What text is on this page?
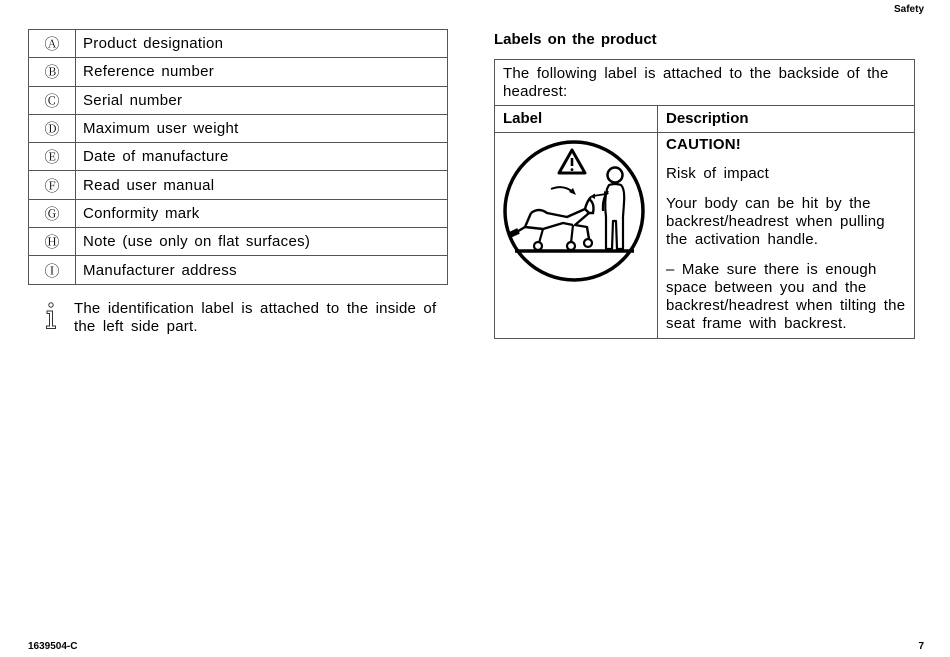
Safety
Ⓐ	Product designation
Ⓑ	Reference number
Ⓒ	Serial number
Ⓓ	Maximum user weight
Ⓔ	Date of manufacture
Ⓕ	Read user manual
Ⓖ	Conformity mark
Ⓗ	Note (use only on flat surfaces)
Ⓘ	Manufacturer address
The identification label is attached to the inside of the left side part.
Labels on the product
The following label is attached to the backside of the headrest:	
Label	Description

CAUTION!

Risk of impact

Your body can be hit by the backrest/headrest when pulling the activation handle.

– Make sure there is enough space between you and the backrest/headrest when tilting the seat frame with backrest.

1639504-C	7
